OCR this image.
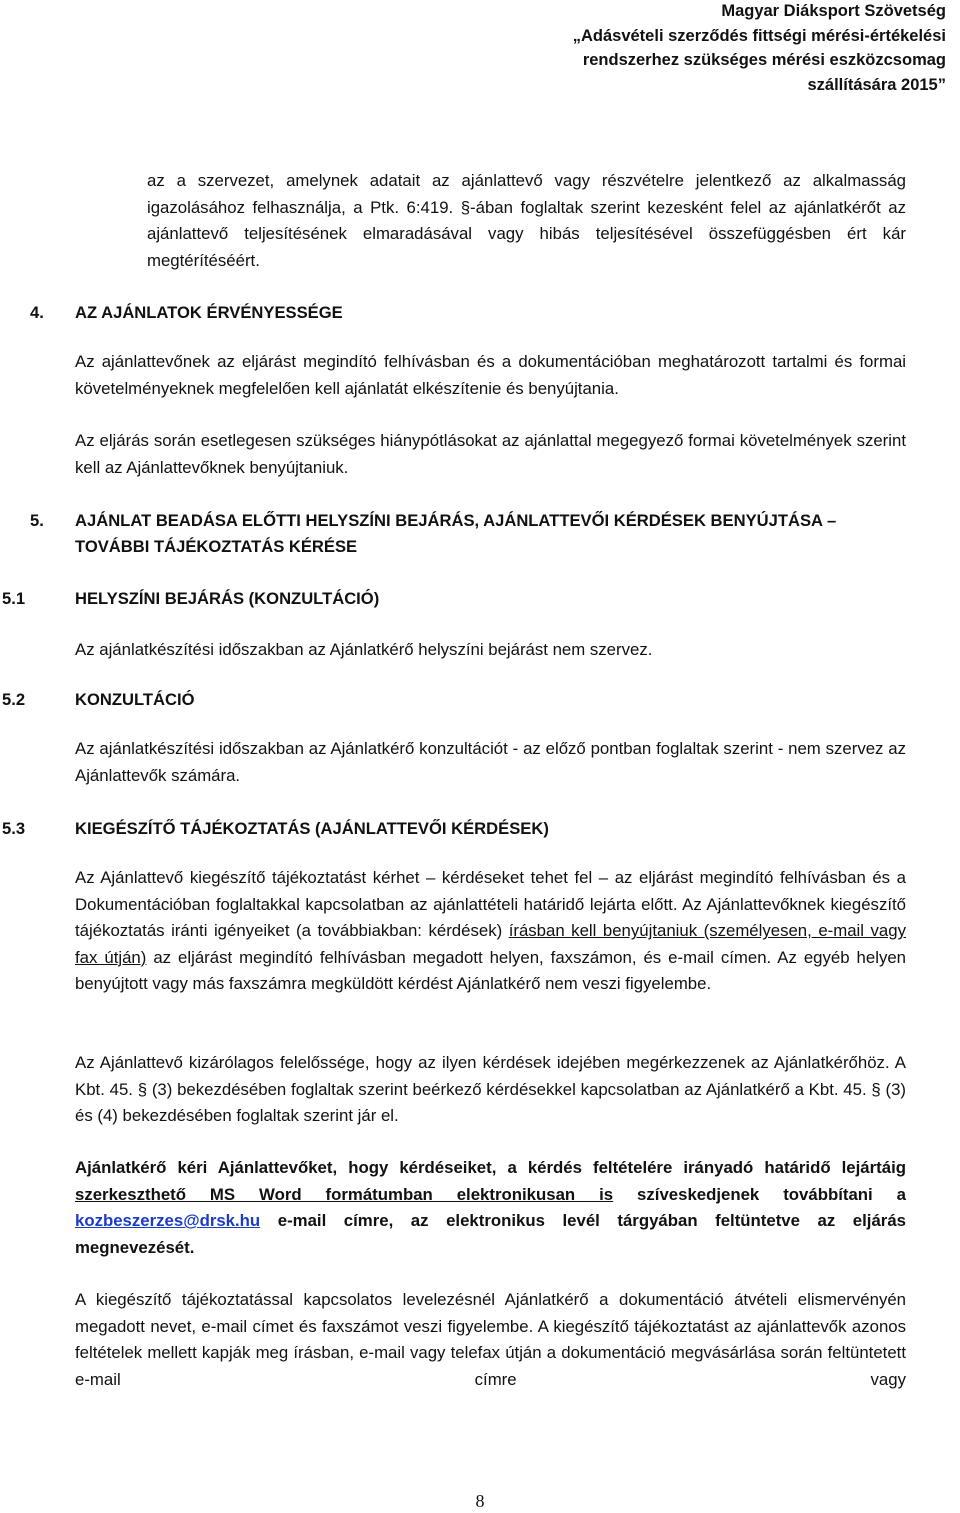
Magyar Diáksport Szövetség
„Adásvételi szerződés fittségi mérési-értékelési
rendszerhez szükséges mérési eszközcsomag
szállítására 2015”

az a szervezet, amelynek adatait az ajánlattevő vagy részvételre jelentkező az alkalmasság igazolásához felhasználja, a Ptk. 6:419. §-ában foglaltak szerint kezesként felel az ajánlatkérőt az ajánlattevő teljesítésének elmaradásával vagy hibás teljesítésével összefüggésben ért kár megtérítéséért.

4. AZ AJÁNLATOK ÉRVÉNYESSÉGE

Az ajánlattevőnek az eljárást megindító felhívásban és a dokumentációban meghatározott tartalmi és formai követelményeknek megfelelően kell ajánlatát elkészítenie és benyújtania.

Az eljárás során esetlegesen szükséges hiánypótlásokat az ajánlattal megegyező formai követelmények szerint kell az Ajánlattevőknek benyújtaniuk.

5. AJÁNLAT BEADÁSA ELŐTTI HELYSZÍNI BEJÁRÁS, AJÁNLATTEVŐI KÉRDÉSEK BENYÚJTÁSA –
TOVÁBBI TÁJÉKOZTATÁS KÉRÉSE
5.1	HELYSZÍNI BEJÁRÁS (KONZULTÁCIÓ)

Az ajánlatkészítési időszakban az Ajánlatkérő helyszíni bejárást nem szervez.

5.2	KONZULTÁCIÓ

Az ajánlatkészítési időszakban az Ajánlatkérő konzultációt - az előző pontban foglaltak szerint - nem szervez az Ajánlattevők számára.

5.3	KIEGÉSZÍTŐ TÁJÉKOZTATÁS (AJÁNLATTEVŐI KÉRDÉSEK)

Az Ajánlattevő kiegészítő tájékoztatást kérhet – kérdéseket tehet fel – az eljárást megindító felhívásban és a Dokumentációban foglaltakkal kapcsolatban az ajánlattételi határidő lejárta előtt. Az Ajánlattevőknek kiegészítő tájékoztatás iránti igényeiket (a továbbiakban: kérdések) írásban kell benyújtaniuk (személyesen, e-mail vagy fax útján) az eljárást megindító felhívásban megadott helyen, faxszámon, és e-mail címen. Az egyéb helyen benyújtott vagy más faxszámra megküldött kérdést Ajánlatkérő nem veszi figyelembe.

Az Ajánlattevő kizárólagos felelőssége, hogy az ilyen kérdések idejében megérkezzenek az Ajánlatkérőhöz. A Kbt. 45. § (3) bekezdésében foglaltak szerint beérkező kérdésekkel kapcsolatban az Ajánlatkérő a Kbt. 45. § (3) és (4) bekezdésében foglaltak szerint jár el.

Ajánlatkérő kéri Ajánlattevőket, hogy kérdéseiket, a kérdés feltételére irányadó határidő lejártáig szerkeszthető MS Word formátumban elektronikusan is szíveskedjenek továbbítani a kozbeszerzes@drsk.hu e-mail címre, az elektronikus levél tárgyában feltüntetve az eljárás megnevezését.

A kiegészítő tájékoztatással kapcsolatos levelezésnél Ajánlatkérő a dokumentáció átvételi elismervényén megadott nevet, e-mail címet és faxszámot veszi figyelembe. A kiegészítő tájékoztatást az ajánlattevők azonos feltételek mellett kapják meg írásban, e-mail vagy telefax útján a dokumentáció megvásárlása során feltüntetett e-mail címre vagy

8
